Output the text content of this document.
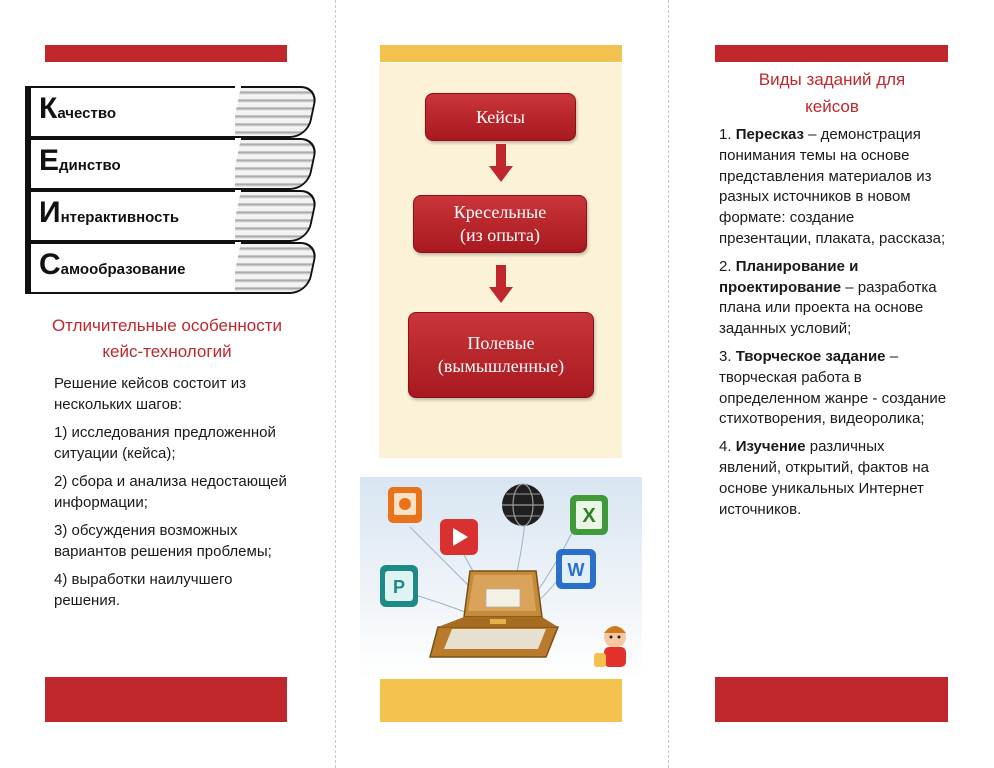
Качество
Единство
Интерактивность
Самообразование
Отличительные особенности
кейс-технологий

Решение кейсов состоит из нескольких шагов:

1) исследования предложенной ситуации (кейса);

2) сбора и анализа недостающей информации;

3) обсуждения возможных вариантов решения проблемы;

4) выработки наилучшего решения.

Кейсы
Кресельные
(из опыта)
Полевые
(вымышленные)
X
P
W
Виды заданий для
кейсов

1. Пересказ – демонстрация понимания темы на основе представления материалов из разных источников в новом формате: создание презентации, плаката, рассказа;

2. Планирование и проектирование – разработка плана или проекта на основе заданных условий;

3. Творческое задание – творческая работа в определенном жанре - создание стихотворения, видеоролика;

4. Изучение различных явлений, открытий, фактов на основе уникальных Интернет источников.
